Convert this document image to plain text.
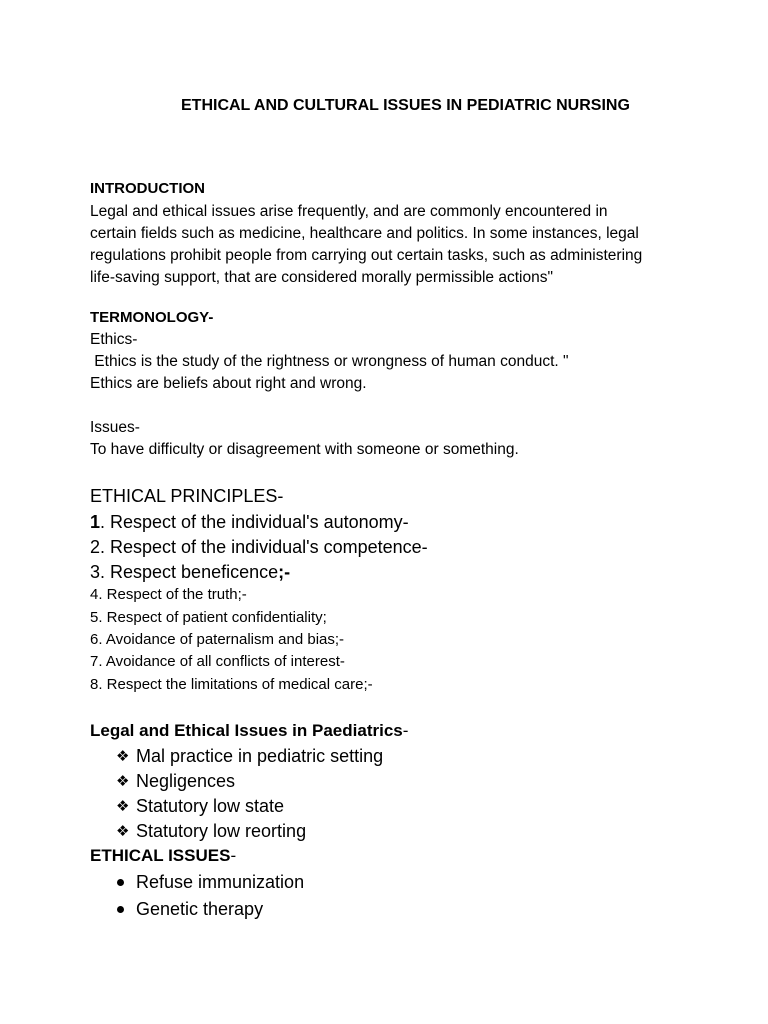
ETHICAL AND CULTURAL ISSUES IN PEDIATRIC NURSING
INTRODUCTION
Legal and ethical issues arise frequently, and are commonly encountered in
certain fields such as medicine, healthcare and politics. In some instances, legal
regulations prohibit people from carrying out certain tasks, such as administering
life-saving support, that are considered morally permissible actions"
TERMONOLOGY-
Ethics-
Ethics is the study of the rightness or wrongness of human conduct. "
Ethics are beliefs about right and wrong.
Issues-
To have difficulty or disagreement with someone or something.
ETHICAL PRINCIPLES-
1 . Respect of the individual's autonomy-
2. Respect of the individual's competence-
3. Respect beneficence ;-
4. Respect of the truth;-
5. Respect of patient confidentiality;
6. Avoidance of paternalism and bias;-
7. Avoidance of all conflicts of interest-
8. Respect the limitations of medical care;-
Legal and Ethical Issues in Paediatrics -
❖
Mal practice in pediatric setting
❖
Negligences
❖
Statutory low state
❖
Statutory low reorting
ETHICAL ISSUES -
Refuse immunization
Genetic therapy
